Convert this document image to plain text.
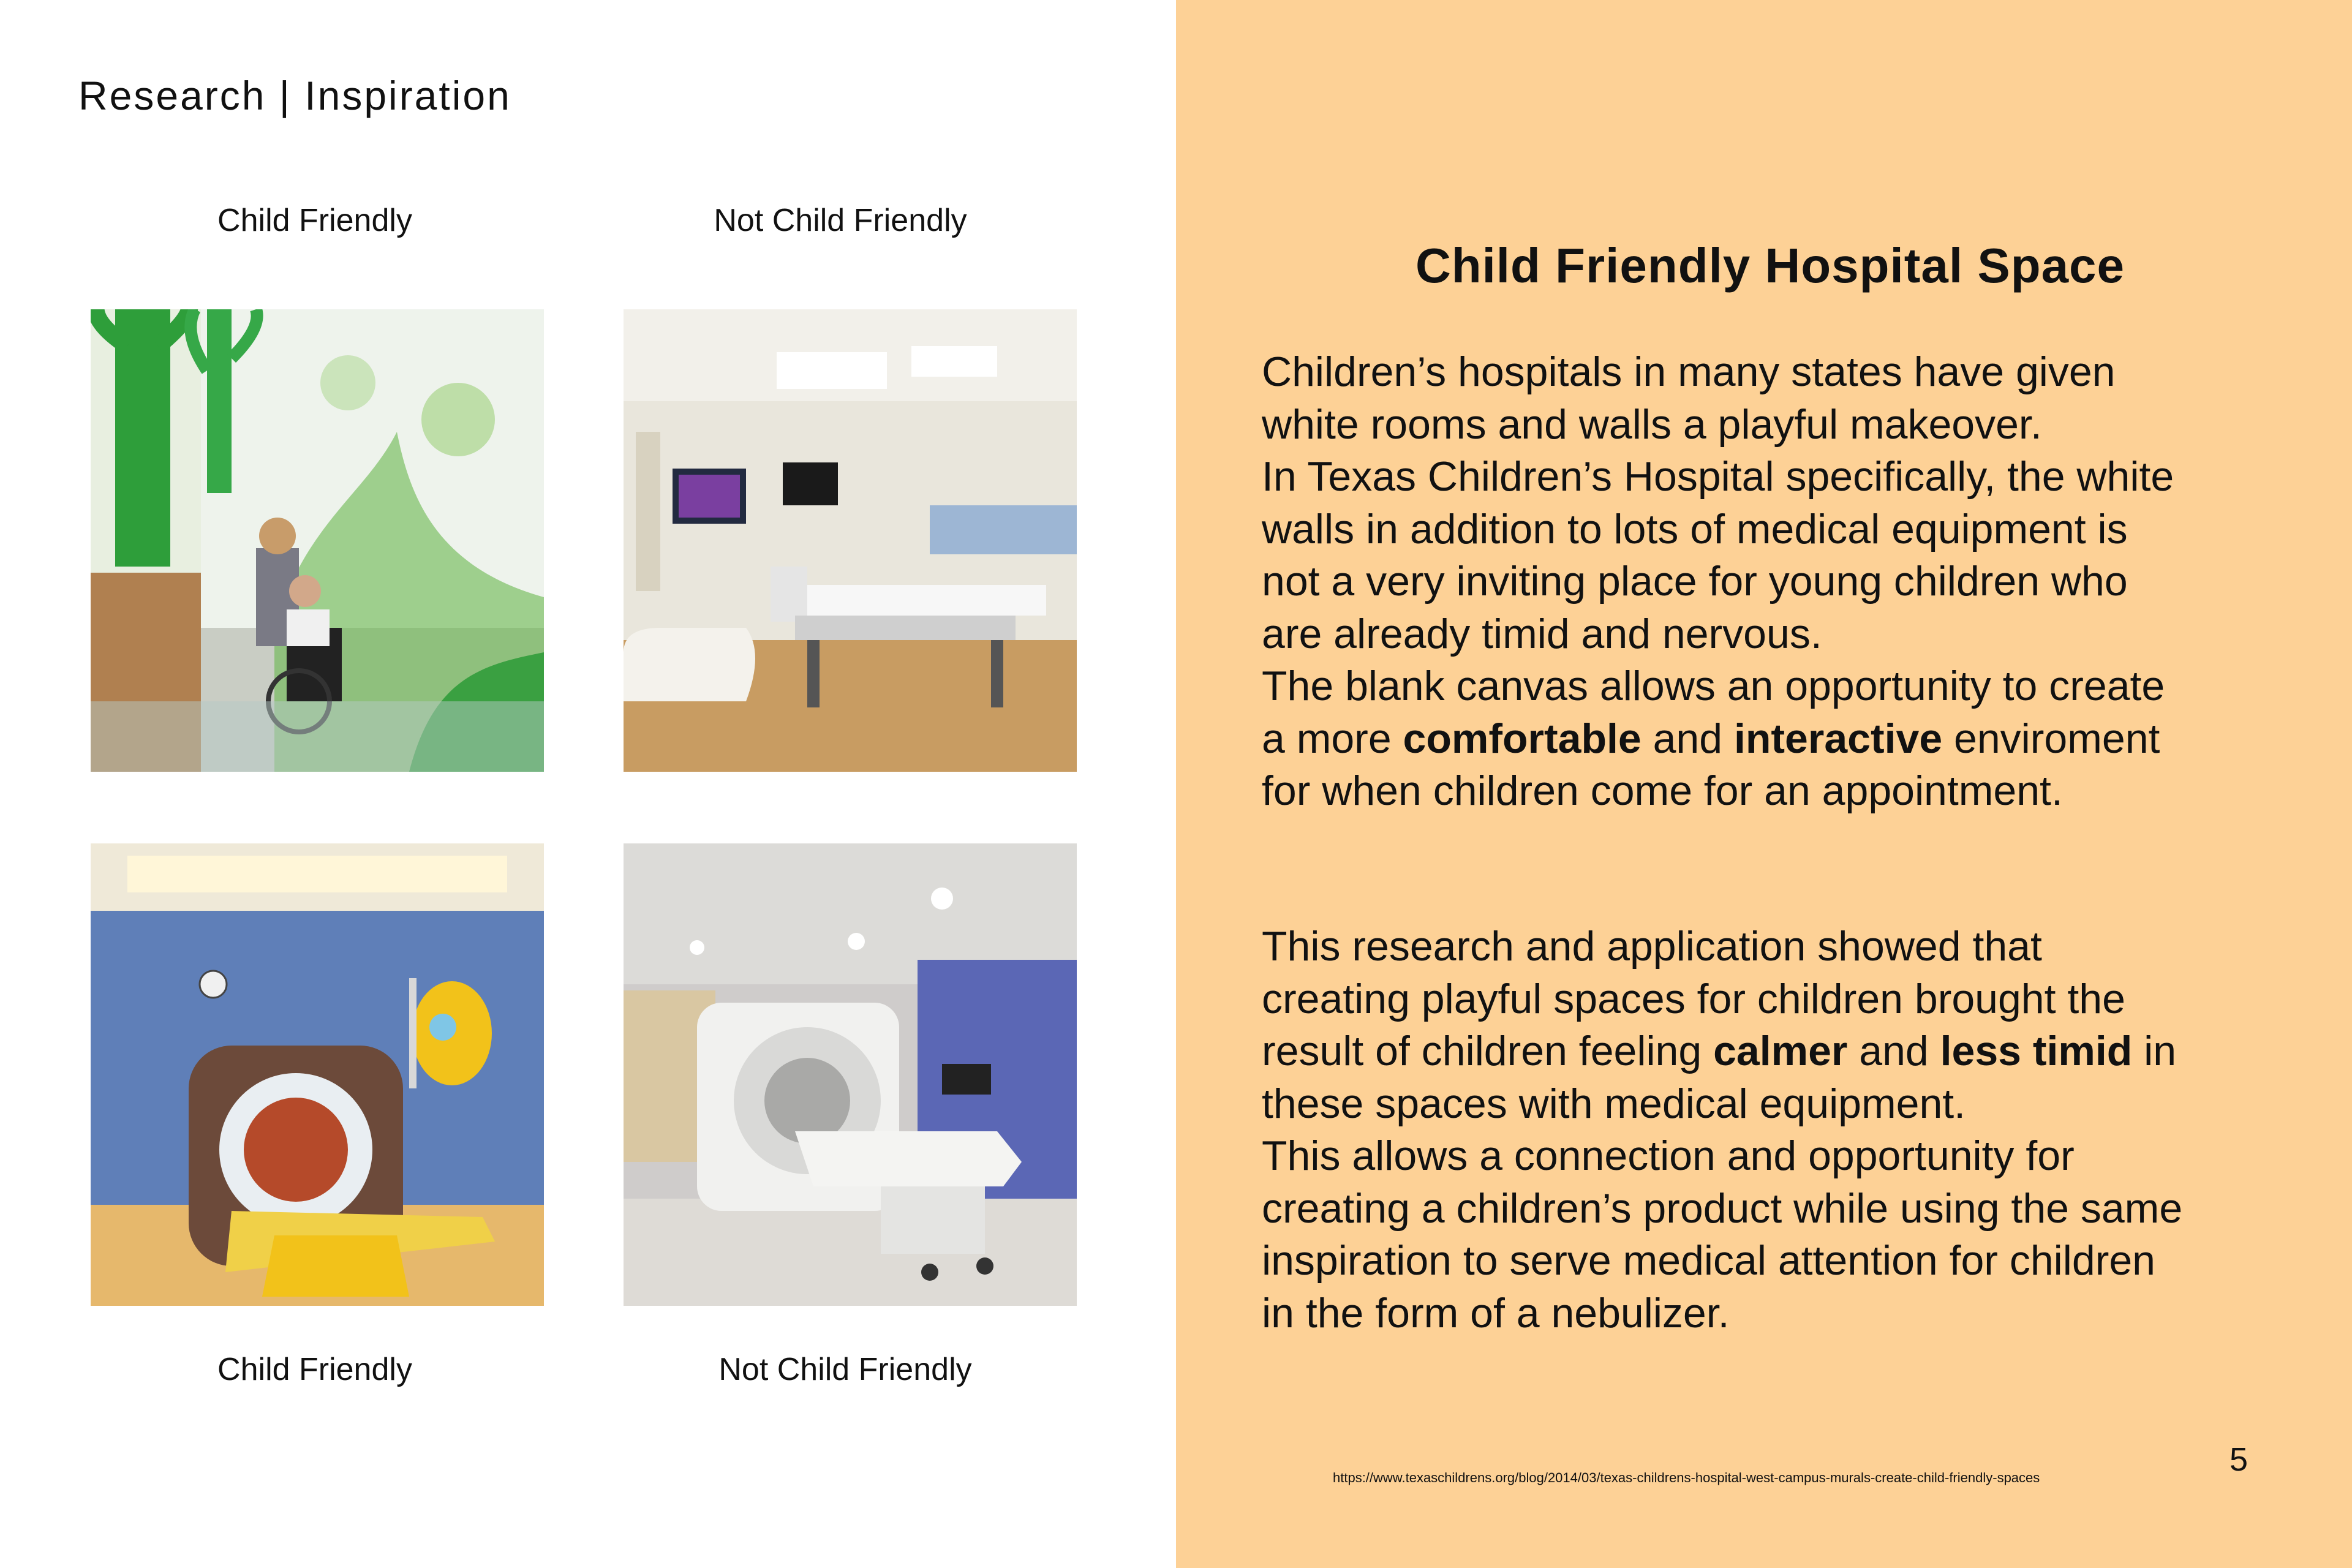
Research | Inspiration
Child Friendly	Not Child Friendly
Child Friendly	Not Child Friendly
Child Friendly Hospital Space
Children’s hospitals in many states have given
white rooms and walls a playful makeover.
In Texas Children’s Hospital specifically, the white
walls in addition to lots of medical equipment is
not a very inviting place for young children who
are already timid and nervous.
The blank canvas allows an opportunity to create
a more comfortable and interactive enviroment
for when children come for an appointment.
This research and application showed that
creating playful spaces for children brought the
result of children feeling calmer and less timid in
these spaces with medical equipment.
This allows a connection and opportunity for
creating a children’s product while using the same
inspiration to serve medical attention for children
in the form of a nebulizer.
https://www.texaschildrens.org/blog/2014/03/texas-childrens-hospital-west-campus-murals-create-child-friendly-spaces	5
